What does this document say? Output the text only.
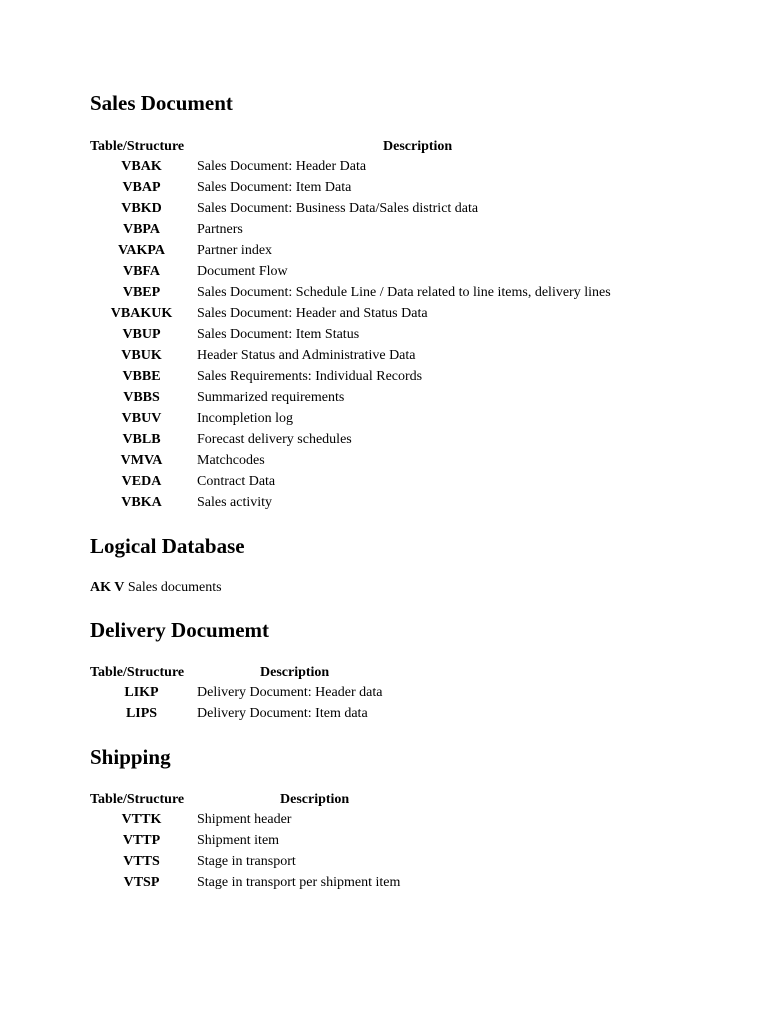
Sales Document
Table/Structure	Description
VBAK	Sales Document: Header Data
VBAP	Sales Document: Item Data
VBKD	Sales Document: Business Data/Sales district data
VBPA	Partners
VAKPA	Partner index
VBFA	Document Flow
VBEP	Sales Document: Schedule Line / Data related to line items, delivery lines
VBAKUK	Sales Document: Header and Status Data
VBUP	Sales Document: Item Status
VBUK	Header Status and Administrative Data
VBBE	Sales Requirements: Individual Records
VBBS	Summarized requirements
VBUV	Incompletion log
VBLB	Forecast delivery schedules
VMVA	Matchcodes
VEDA	Contract Data
VBKA	Sales activity
Logical Database
AK V Sales documents
Delivery Documemt
Table/Structure	Description
LIKP	Delivery Document: Header data
LIPS	Delivery Document: Item data
Shipping
Table/Structure	Description
VTTK	Shipment header
VTTP	Shipment item
VTTS	Stage in transport
VTSP	Stage in transport per shipment item
